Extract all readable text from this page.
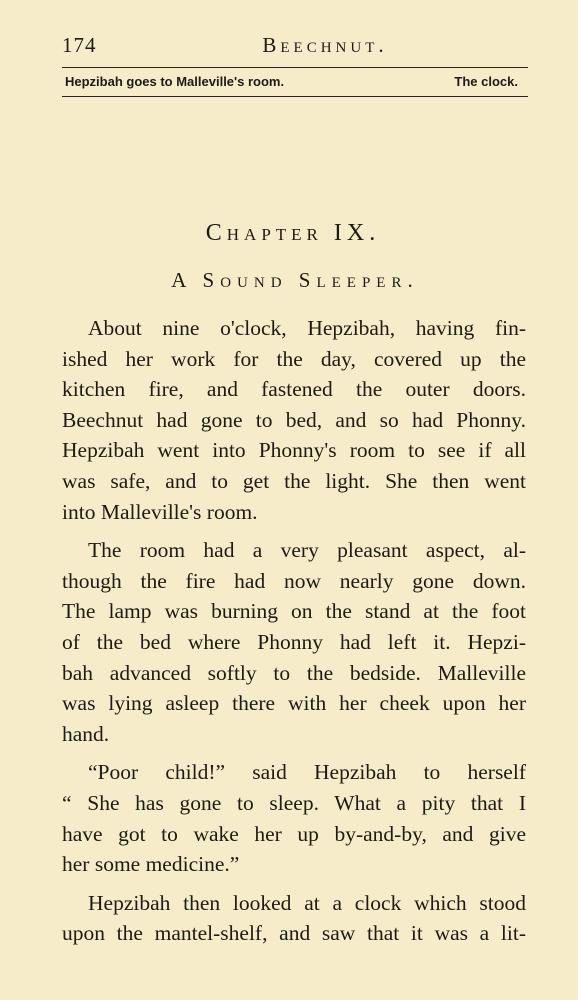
174	Beechnut.
Hepzibah goes to Malleville's room.	The clock.
Chapter IX.
A Sound Sleeper.
About nine o'clock, Hepzibah, having fin-
ished her work for the day, covered up the
kitchen fire, and fastened the outer doors.
Beechnut had gone to bed, and so had Phonny.
Hepzibah went into Phonny's room to see if all
was safe, and to get the light. She then went
into Malleville's room.
The room had a very pleasant aspect, al-
though the fire had now nearly gone down.
The lamp was burning on the stand at the foot
of the bed where Phonny had left it. Hepzi-
bah advanced softly to the bedside. Malleville
was lying asleep there with her cheek upon her
hand.
“Poor child!” said Hepzibah to herself
“ She has gone to sleep. What a pity that I
have got to wake her up by-and-by, and give
her some medicine.”
Hepzibah then looked at a clock which stood
upon the mantel-shelf, and saw that it was a lit-
